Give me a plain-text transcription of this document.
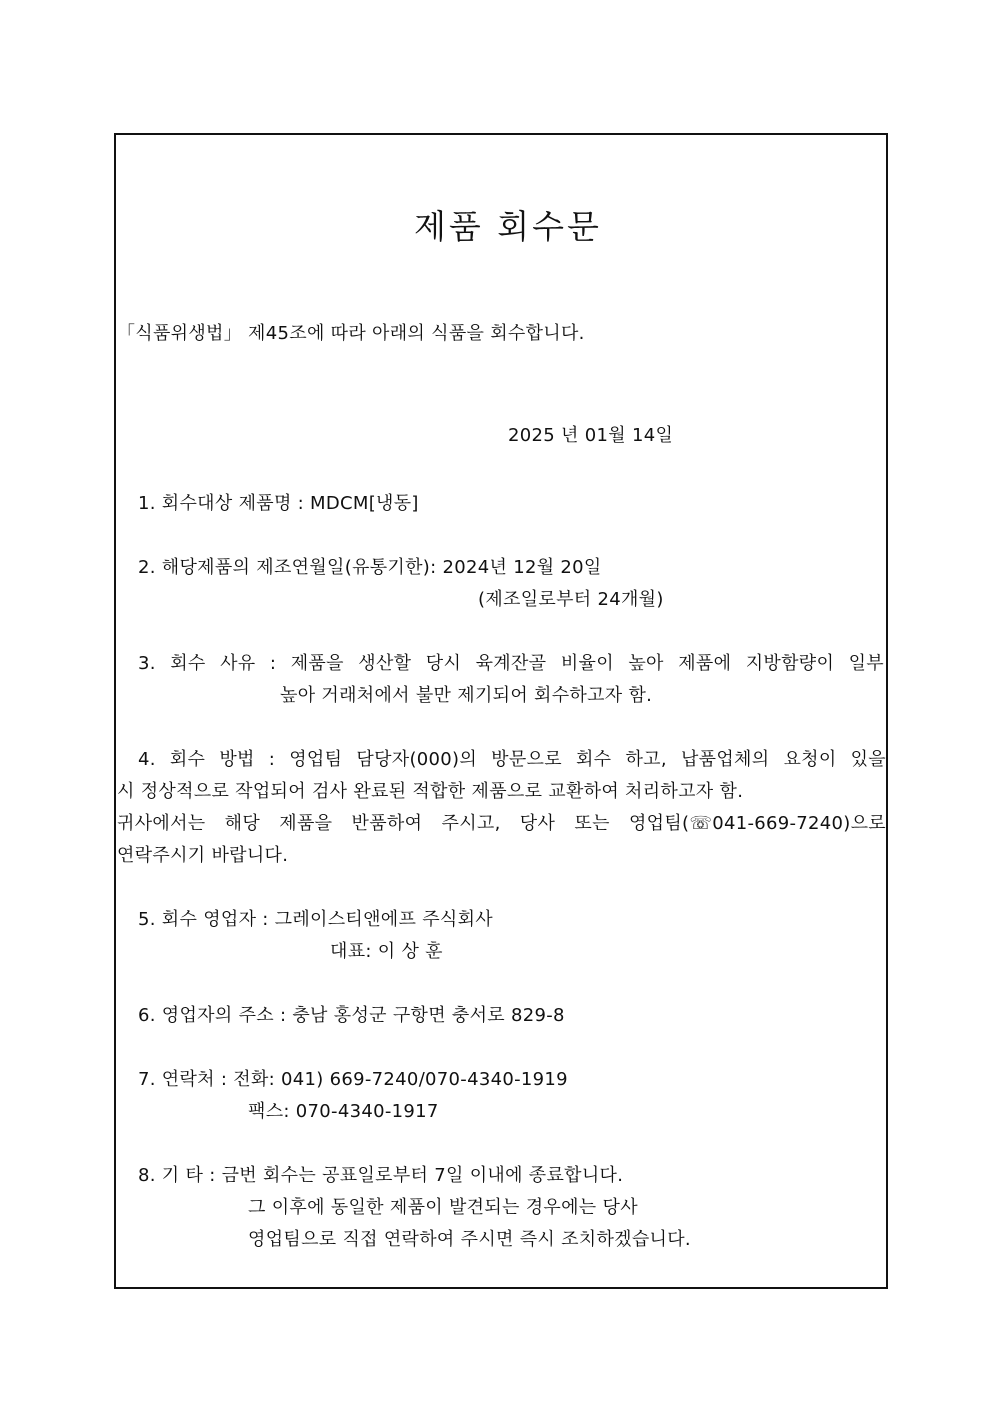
제품 회수문
「식품위생법」 제45조에 따라 아래의 식품을 회수합니다.
2025 년 01월 14일
1. 회수대상 제품명 : MDCM[냉동]
2. 해당제품의 제조연월일(유통기한): 2024년 12월 20일
(제조일로부터 24개월)
3. 회수 사유 : 제품을 생산할 당시 육계잔골 비율이 높아 제품에 지방함량이 일부
높아 거래처에서 불만 제기되어 회수하고자 함.
4. 회수 방법 : 영업팀 담당자(000)의 방문으로 회수 하고, 납품업체의 요청이 있을
시 정상적으로 작업되어 검사 완료된 적합한 제품으로 교환하여 처리하고자 함.
귀사에서는 해당 제품을 반품하여 주시고, 당사 또는 영업팀(☏041-669-7240)으로
연락주시기 바랍니다.
5. 회수 영업자 : 그레이스티앤에프 주식회사
대표: 이 상 훈
6. 영업자의 주소 : 충남 홍성군 구항면 충서로 829-8
7. 연락처 : 전화: 041) 669-7240/070-4340-1919
팩스: 070-4340-1917
8. 기 타 : 금번 회수는 공표일로부터 7일 이내에 종료합니다.
그 이후에 동일한 제품이 발견되는 경우에는 당사
영업팀으로 직접 연락하여 주시면 즉시 조치하겠습니다.
